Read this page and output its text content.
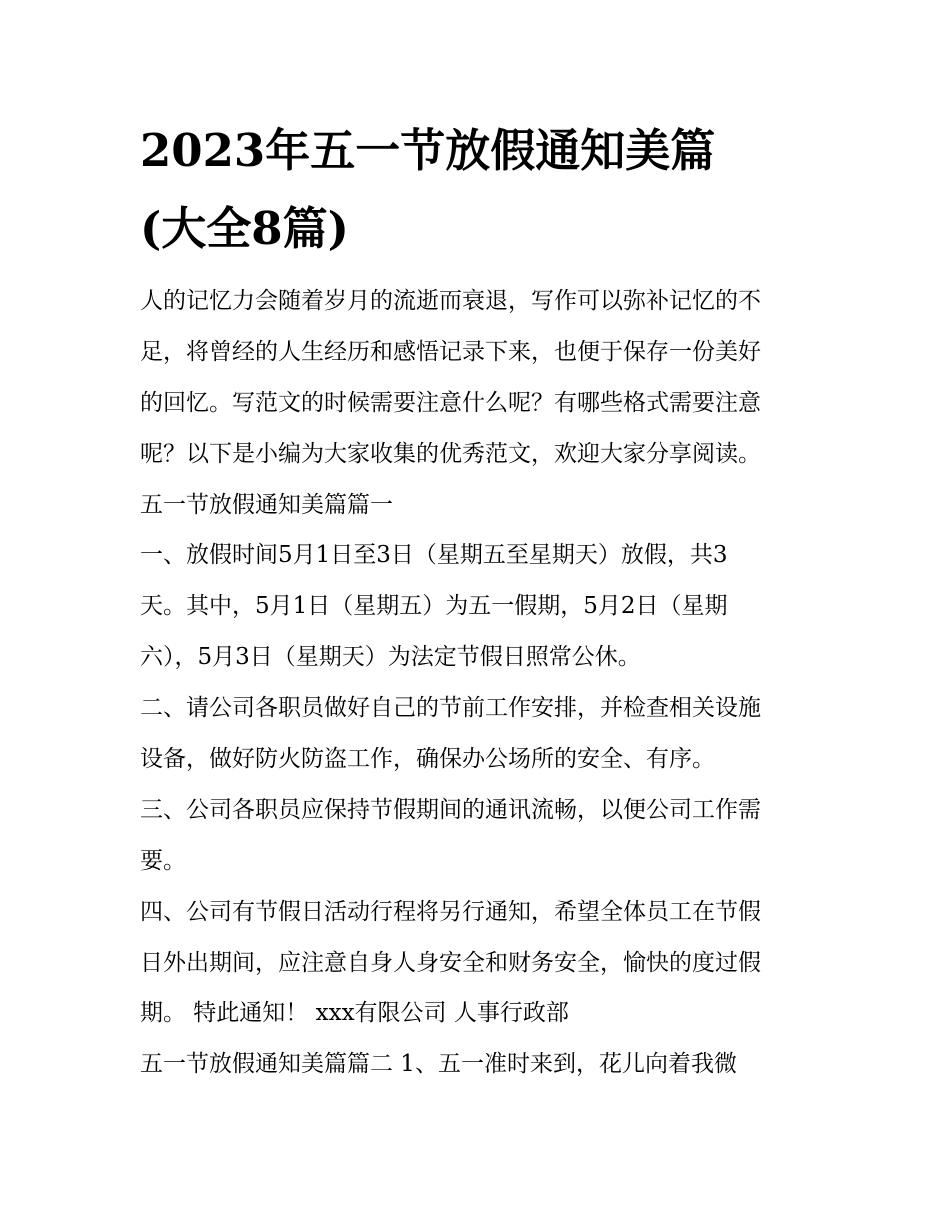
2023年五一节放假通知美篇
(大全8篇)
人的记忆力会随着岁月的流逝而衰退，写作可以弥补记忆的不
足，将曾经的人生经历和感悟记录下来，也便于保存一份美好
的回忆。写范文的时候需要注意什么呢？有哪些格式需要注意
呢？以下是小编为大家收集的优秀范文，欢迎大家分享阅读。
五一节放假通知美篇篇一
一、放假时间5月1日至3日（星期五至星期天）放假，共3
天。其中，5月1日（星期五）为五一假期，5月2日（星期
六），5月3日（星期天）为法定节假日照常公休。
二、请公司各职员做好自己的节前工作安排，并检查相关设施
设备，做好防火防盗工作，确保办公场所的安全、有序。
三、公司各职员应保持节假期间的通讯流畅，以便公司工作需
要。
四、公司有节假日活动行程将另行通知，希望全体员工在节假
日外出期间，应注意自身人身安全和财务安全，愉快的度过假
期。 特此通知！ xxx有限公司 人事行政部
五一节放假通知美篇篇二 1、五一准时来到，花儿向着我微
